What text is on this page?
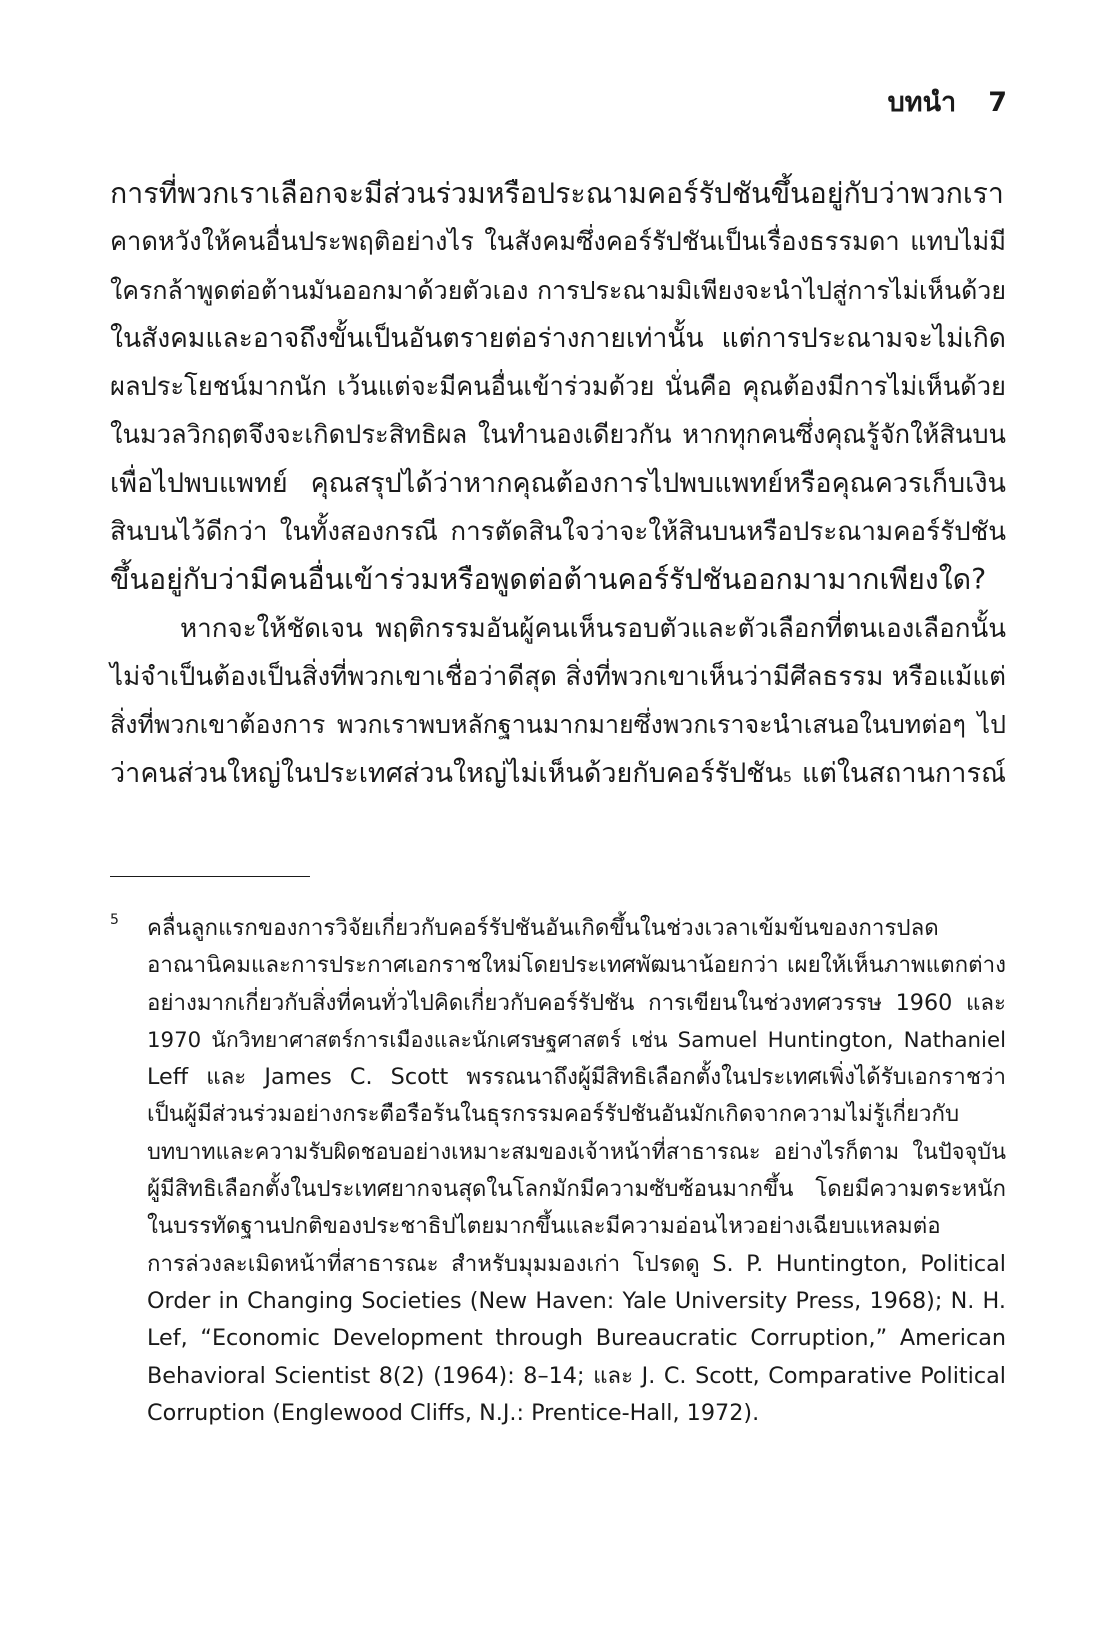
บทนำ 7
การที่พวกเราเลือกจะมีส่วนร่วมหรือประณามคอร์รัปชันขึ้นอยู่กับว่าพวกเรา
คาดหวังให้คนอื่นประพฤติอย่างไร ในสังคมซึ่งคอร์รัปชันเป็นเรื่องธรรมดา แทบไม่มี
ใครกล้าพูดต่อต้านมันออกมาด้วยตัวเอง การประณามมิเพียงจะนำไปสู่การไม่เห็นด้วย
ในสังคมและอาจถึงขั้นเป็นอันตรายต่อร่างกายเท่านั้น แต่การประณามจะไม่เกิด
ผลประโยชน์มากนัก เว้นแต่จะมีคนอื่นเข้าร่วมด้วย นั่นคือ คุณต้องมีการไม่เห็นด้วย
ในมวลวิกฤตจึงจะเกิดประสิทธิผล ในทำนองเดียวกัน หากทุกคนซึ่งคุณรู้จักให้สินบน
เพื่อไปพบแพทย์ คุณสรุปได้ว่าหากคุณต้องการไปพบแพทย์หรือคุณควรเก็บเงิน
สินบนไว้ดีกว่า ในทั้งสองกรณี การตัดสินใจว่าจะให้สินบนหรือประณามคอร์รัปชัน
ขึ้นอยู่กับว่ามีคนอื่นเข้าร่วมหรือพูดต่อต้านคอร์รัปชันออกมามากเพียงใด?
หากจะให้ชัดเจน พฤติกรรมอันผู้คนเห็นรอบตัวและตัวเลือกที่ตนเองเลือกนั้น
ไม่จำเป็นต้องเป็นสิ่งที่พวกเขาเชื่อว่าดีสุด สิ่งที่พวกเขาเห็นว่ามีศีลธรรม หรือแม้แต่
สิ่งที่พวกเขาต้องการ พวกเราพบหลักฐานมากมายซึ่งพวกเราจะนำเสนอในบทต่อๆ ไป
ว่าคนส่วนใหญ่ในประเทศส่วนใหญ่ไม่เห็นด้วยกับคอร์รัปชัน$^5$ แต่ในสถานการณ์
5 คลื่นลูกแรกของการวิจัยเกี่ยวกับคอร์รัปชันอันเกิดขึ้นในช่วงเวลาเข้มข้นของการปลด
อาณานิคมและการประกาศเอกราชใหม่โดยประเทศพัฒนาน้อยกว่า เผยให้เห็นภาพแตกต่าง
อย่างมากเกี่ยวกับสิ่งที่คนทั่วไปคิดเกี่ยวกับคอร์รัปชัน การเขียนในช่วงทศวรรษ 1960 และ
1970 นักวิทยาศาสตร์การเมืองและนักเศรษฐศาสตร์ เช่น Samuel Huntington, Nathaniel
Leff และ James C. Scott พรรณนาถึงผู้มีสิทธิเลือกตั้งในประเทศเพิ่งได้รับเอกราชว่า
เป็นผู้มีส่วนร่วมอย่างกระตือรือร้นในธุรกรรมคอร์รัปชันอันมักเกิดจากความไม่รู้เกี่ยวกับ
บทบาทและความรับผิดชอบอย่างเหมาะสมของเจ้าหน้าที่สาธารณะ อย่างไรก็ตาม ในปัจจุบัน
ผู้มีสิทธิเลือกตั้งในประเทศยากจนสุดในโลกมักมีความซับซ้อนมากขึ้น โดยมีความตระหนัก
ในบรรทัดฐานปกติของประชาธิปไตยมากขึ้นและมีความอ่อนไหวอย่างเฉียบแหลมต่อ
การล่วงละเมิดหน้าที่สาธารณะ สำหรับมุมมองเก่า โปรดดู S. P. Huntington, Political
Order in Changing Societies (New Haven: Yale University Press, 1968); N. H.
Lef, “Economic Development through Bureaucratic Corruption,” American
Behavioral Scientist 8(2) (1964): 8–14; และ J. C. Scott, Comparative Political
Corruption (Englewood Cliffs, N.J.: Prentice-Hall, 1972).
